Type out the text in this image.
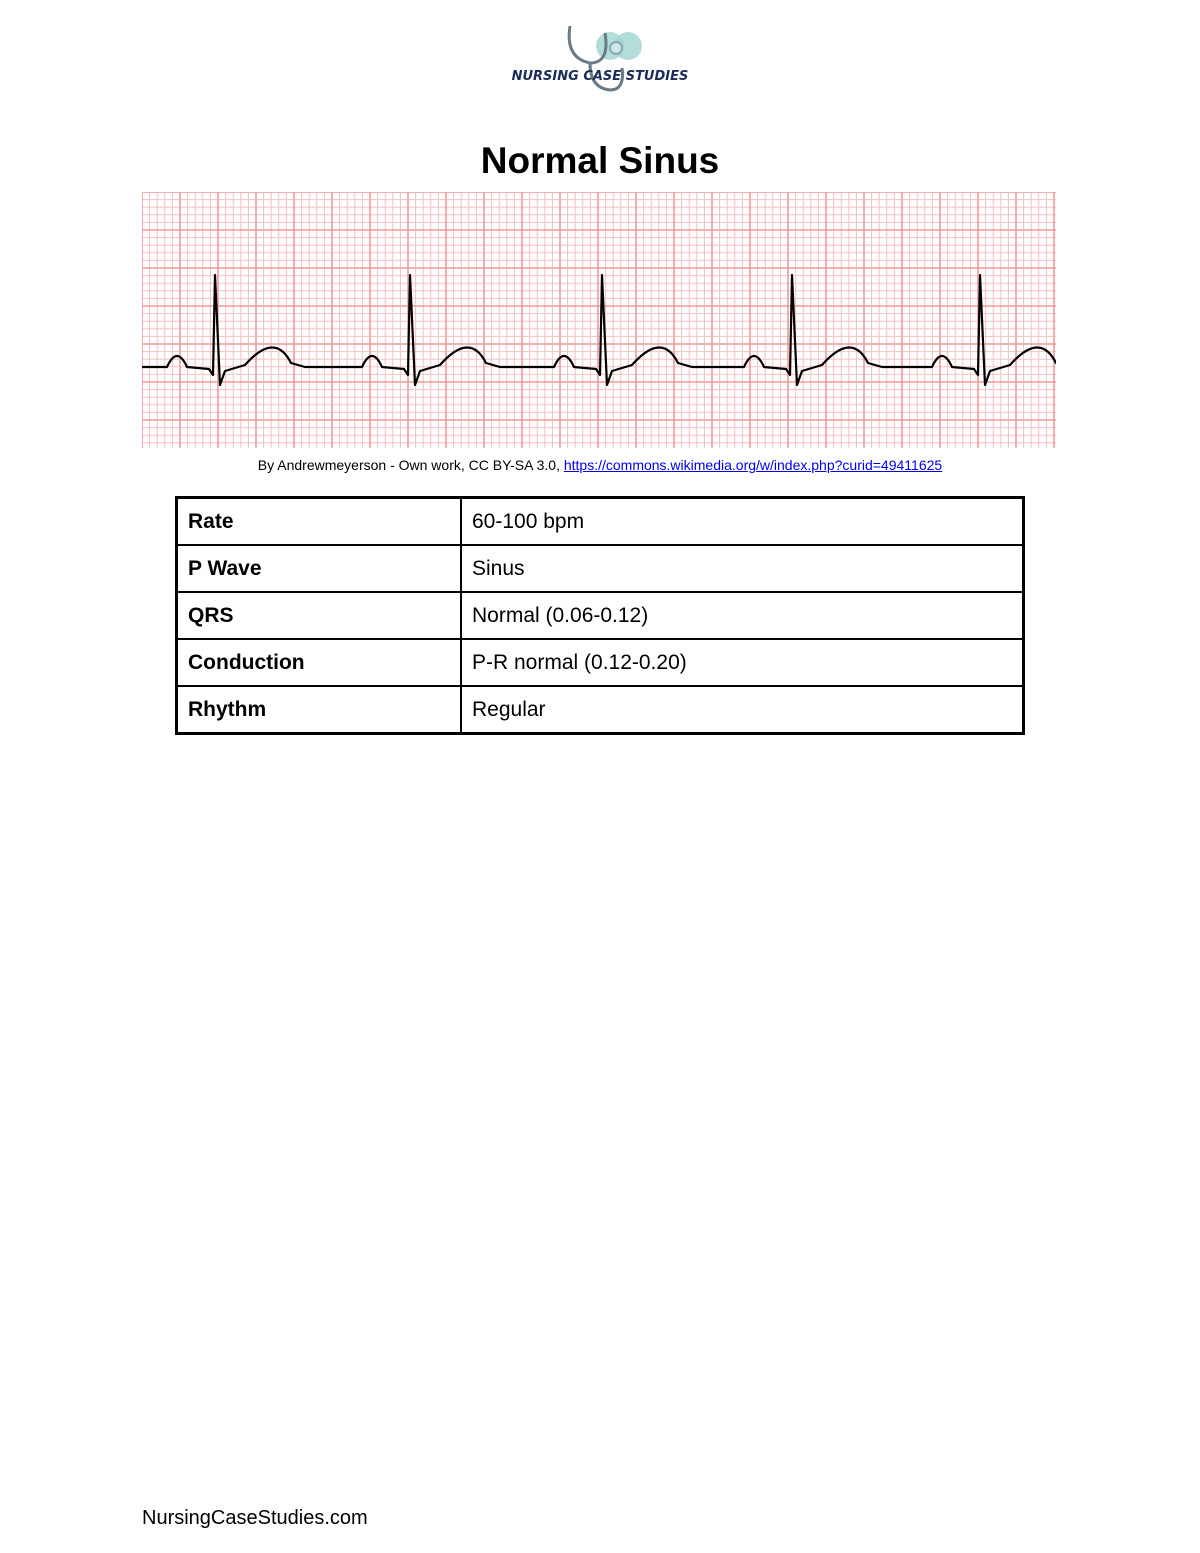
NURSING CASE STUDIES
Normal Sinus
By Andrewmeyerson - Own work, CC BY-SA 3.0, https://commons.wikimedia.org/w/index.php?curid=49411625
Rate	60-100 bpm
P Wave	Sinus
QRS	Normal (0.06-0.12)
Conduction	P-R normal (0.12-0.20)
Rhythm	Regular
NursingCaseStudies.com
